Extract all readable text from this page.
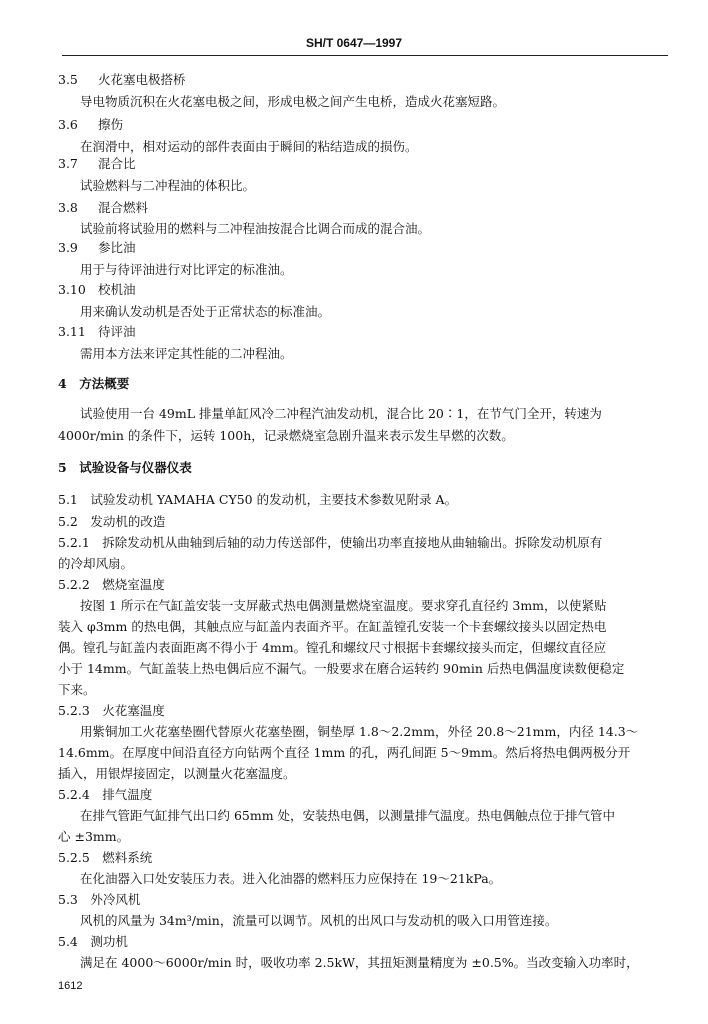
SH/T 0647—1997
3.5 火花塞电极搭桥
导电物质沉积在火花塞电极之间，形成电极之间产生电桥，造成火花塞短路。
3.6 擦伤
在润滑中，相对运动的部件表面由于瞬间的粘结造成的损伤。
3.7 混合比
试验燃料与二冲程油的体积比。
3.8 混合燃料
试验前将试验用的燃料与二冲程油按混合比调合而成的混合油。
3.9 参比油
用于与待评油进行对比评定的标准油。
3.10 校机油
用来确认发动机是否处于正常状态的标准油。
3.11 待评油
需用本方法来评定其性能的二冲程油。
4　方法概要
试验使用一台 49mL 排量单缸风冷二冲程汽油发动机，混合比 20∶1，在节气门全开，转速为
4000r/min 的条件下，运转 100h，记录燃烧室急剧升温来表示发生早燃的次数。
5　试验设备与仪器仪表
5.1　试验发动机 YAMAHA CY50 的发动机，主要技术参数见附录 A。
5.2　发动机的改造
5.2.1　拆除发动机从曲轴到后轴的动力传送部件，使输出功率直接地从曲轴输出。拆除发动机原有
的冷却风扇。
5.2.2　燃烧室温度
按图 1 所示在气缸盖安装一支屏蔽式热电偶测量燃烧室温度。要求穿孔直径约 3mm，以使紧贴
装入 φ3mm 的热电偶，其触点应与缸盖内表面齐平。在缸盖镗孔安装一个卡套螺纹接头以固定热电
偶。镗孔与缸盖内表面距离不得小于 4mm。镗孔和螺纹尺寸根据卡套螺纹接头而定，但螺纹直径应
小于 14mm。气缸盖装上热电偶后应不漏气。一般要求在磨合运转约 90min 后热电偶温度读数便稳定
下来。
5.2.3　火花塞温度
用紫铜加工火花塞垫圈代替原火花塞垫圈，铜垫厚 1.8～2.2mm，外径 20.8～21mm，内径 14.3～
14.6mm。在厚度中间沿直径方向钻两个直径 1mm 的孔，两孔间距 5～9mm。然后将热电偶两极分开
插入，用银焊接固定，以测量火花塞温度。
5.2.4　排气温度
在排气管距气缸排气出口约 65mm 处，安装热电偶，以测量排气温度。热电偶触点位于排气管中
心 ±3mm。
5.2.5　燃料系统
在化油器入口处安装压力表。进入化油器的燃料压力应保持在 19～21kPa。
5.3　外冷风机
风机的风量为 34m³/min，流量可以调节。风机的出风口与发动机的吸入口用管连接。
5.4　测功机
满足在 4000～6000r/min 时，吸收功率 2.5kW，其扭矩测量精度为 ±0.5%。当改变输入功率时，
1612
